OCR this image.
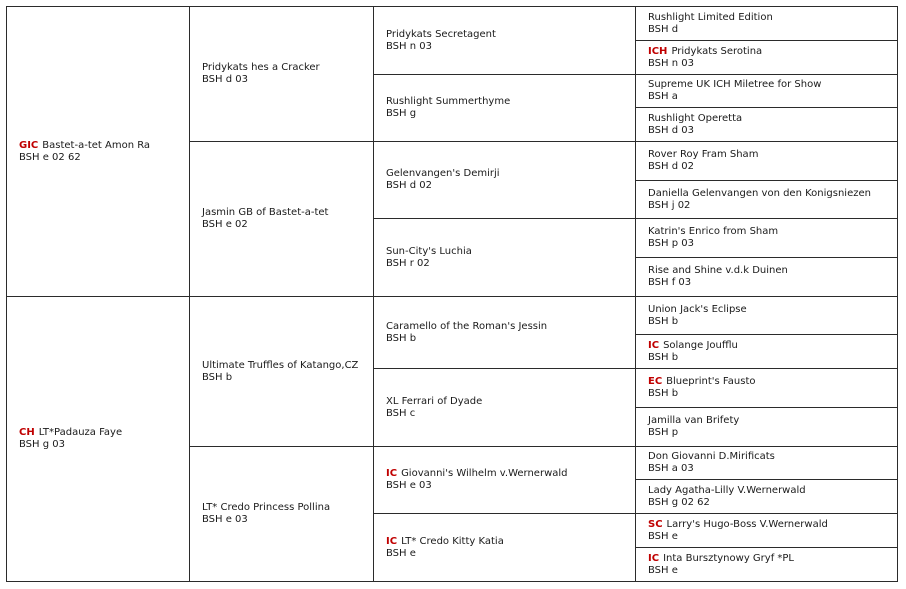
GIC Bastet-a-tet Amon Ra
BSH e 02 62
CH LT*Padauza Faye
BSH g 03
Pridykats hes a Cracker
BSH d 03
Jasmin GB of Bastet-a-tet
BSH e 02
Ultimate Truffles of Katango,CZ
BSH b
LT* Credo Princess Pollina
BSH e 03
Pridykats Secretagent
BSH n 03
Rushlight Summerthyme
BSH g
Gelenvangen's Demirji
BSH d 02
Sun-City's Luchia
BSH r 02
Caramello of the Roman's Jessin
BSH b
XL Ferrari of Dyade
BSH c
IC Giovanni's Wilhelm v.Wernerwald
BSH e 03
IC LT* Credo Kitty Katia
BSH e
Rushlight Limited Edition
BSH d
ICH Pridykats Serotina
BSH n 03
Supreme UK ICH Miletree for Show
BSH a
Rushlight Operetta
BSH d 03
Rover Roy Fram Sham
BSH d 02
Daniella Gelenvangen von den Konigsniezen
BSH j 02
Katrin's Enrico from Sham
BSH p 03
Rise and Shine v.d.k Duinen
BSH f 03
Union Jack's Eclipse
BSH b
IC Solange Joufflu
BSH b
EC Blueprint's Fausto
BSH b
Jamilla van Brifety
BSH p
Don Giovanni D.Mirificats
BSH a 03
Lady Agatha-Lilly V.Wernerwald
BSH g 02 62
SC Larry's Hugo-Boss V.Wernerwald
BSH e
IC Inta Bursztynowy Gryf *PL
BSH e
